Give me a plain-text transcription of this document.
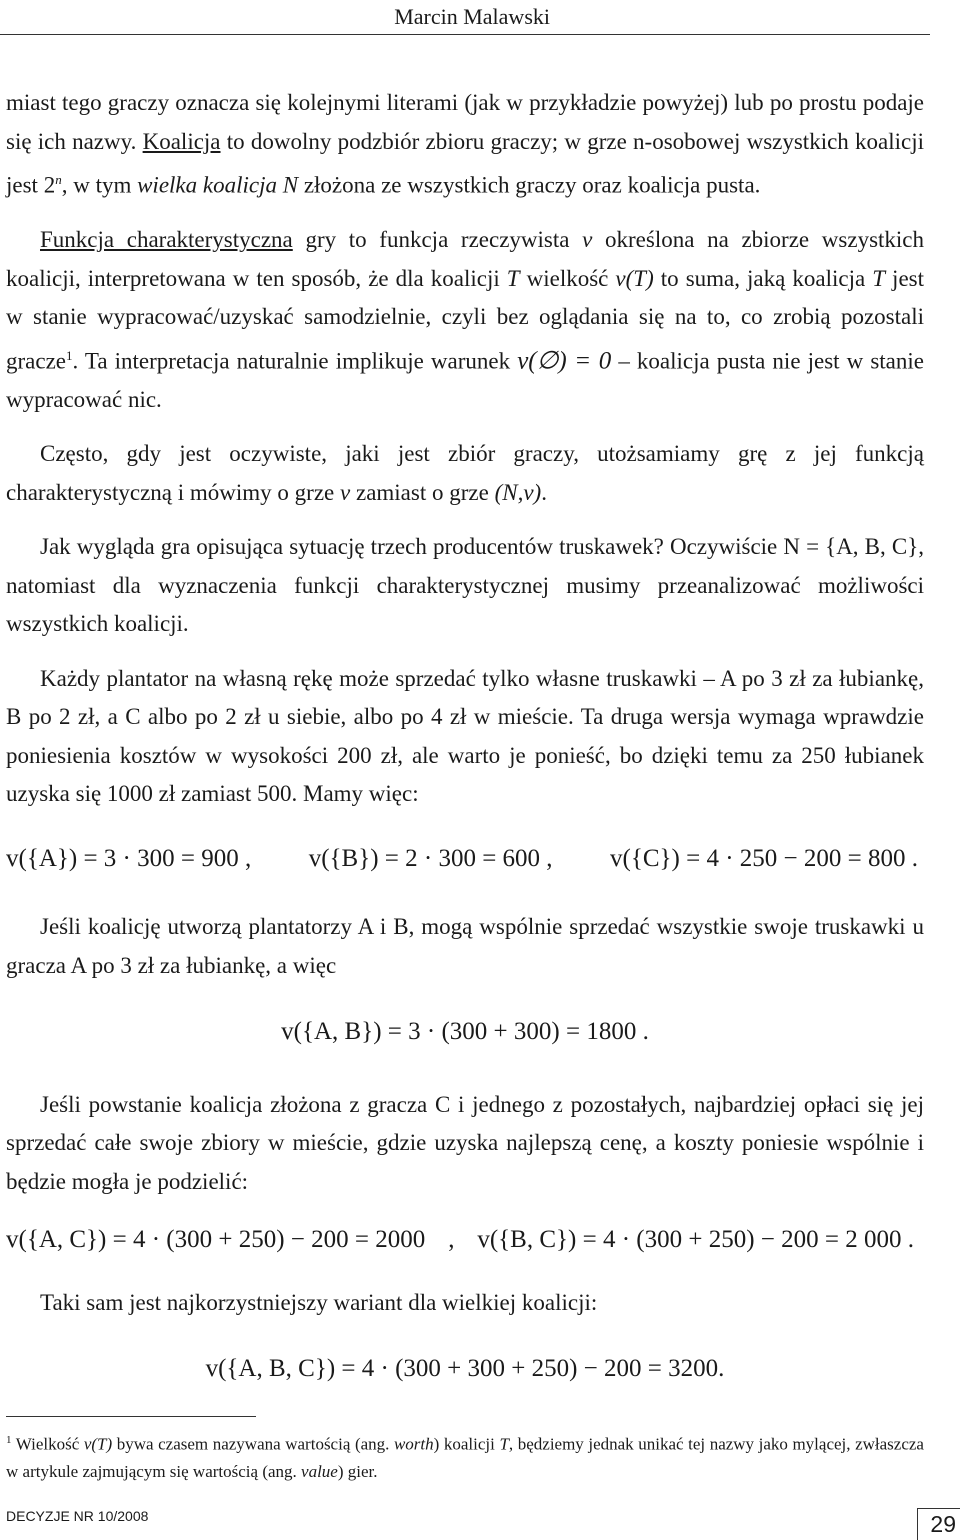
Marcin Malawski

miast tego graczy oznacza się kolejnymi literami (jak w przykładzie powyżej) lub po prostu podaje się ich nazwy. Koalicja to dowolny podzbiór zbioru graczy; w grze n-osobowej wszystkich koalicji jest 2$^n$, w tym wielka koalicja N złożona ze wszystkich graczy oraz koalicja pusta.

Funkcja charakterystyczna gry to funkcja rzeczywista v określona na zbiorze wszystkich koalicji, interpretowana w ten sposób, że dla koalicji T wielkość v(T) to suma, jaką koalicja T jest w stanie wypracować/uzyskać samodzielnie, czyli bez oglądania się na to, co zrobią pozostali gracze$^1$. Ta interpretacja naturalnie implikuje warunek v(∅) = 0 – koalicja pusta nie jest w stanie wypracować nic.

Często, gdy jest oczywiste, jaki jest zbiór graczy, utożsamiamy grę z jej funkcją charakterystyczną i mówimy o grze v zamiast o grze (N,v).

Jak wygląda gra opisująca sytuację trzech producentów truskawek? Oczywiście N = {A, B, C}, natomiast dla wyznaczenia funkcji charakterystycznej musimy przeanalizować możliwości wszystkich koalicji.

Każdy plantator na własną rękę może sprzedać tylko własne truskawki – A po 3 zł za łubiankę, B po 2 zł, a C albo po 2 zł u siebie, albo po 4 zł w mieście. Ta druga wersja wymaga wprawdzie poniesienia kosztów w wysokości 200 zł, ale warto je ponieść, bo dzięki temu za 250 łubianek uzyska się 1000 zł zamiast 500. Mamy więc:

v({A}) = 3 · 300 = 900 , v({B}) = 2 · 300 = 600 , v({C}) = 4 · 250 − 200 = 800 .

Jeśli koalicję utworzą plantatorzy A i B, mogą wspólnie sprzedać wszystkie swoje truskawki u gracza A po 3 zł za łubiankę, a więc

v({A, B}) = 3 · (300 + 300) = 1800 .

Jeśli powstanie koalicja złożona z gracza C i jednego z pozostałych, najbardziej opłaci się jej sprzedać całe swoje zbiory w mieście, gdzie uzyska najlepszą cenę, a koszty poniesie wspólnie i będzie mogła je podzielić:

v({A, C}) = 4 · (300 + 250) − 200 = 2000 , v({B, C}) = 4 · (300 + 250) − 200 = 2 000 .

Taki sam jest najkorzystniejszy wariant dla wielkiej koalicji:

v({A, B, C}) = 4 · (300 + 300 + 250) − 200 = 3200.
$^1$ Wielkość v(T) bywa czasem nazywana wartością (ang. worth) koalicji T, będziemy jednak unikać tej nazwy jako mylącej, zwłaszcza w artykule zajmującym się wartością (ang. value) gier.
DECYZJE NR 10/2008	29
